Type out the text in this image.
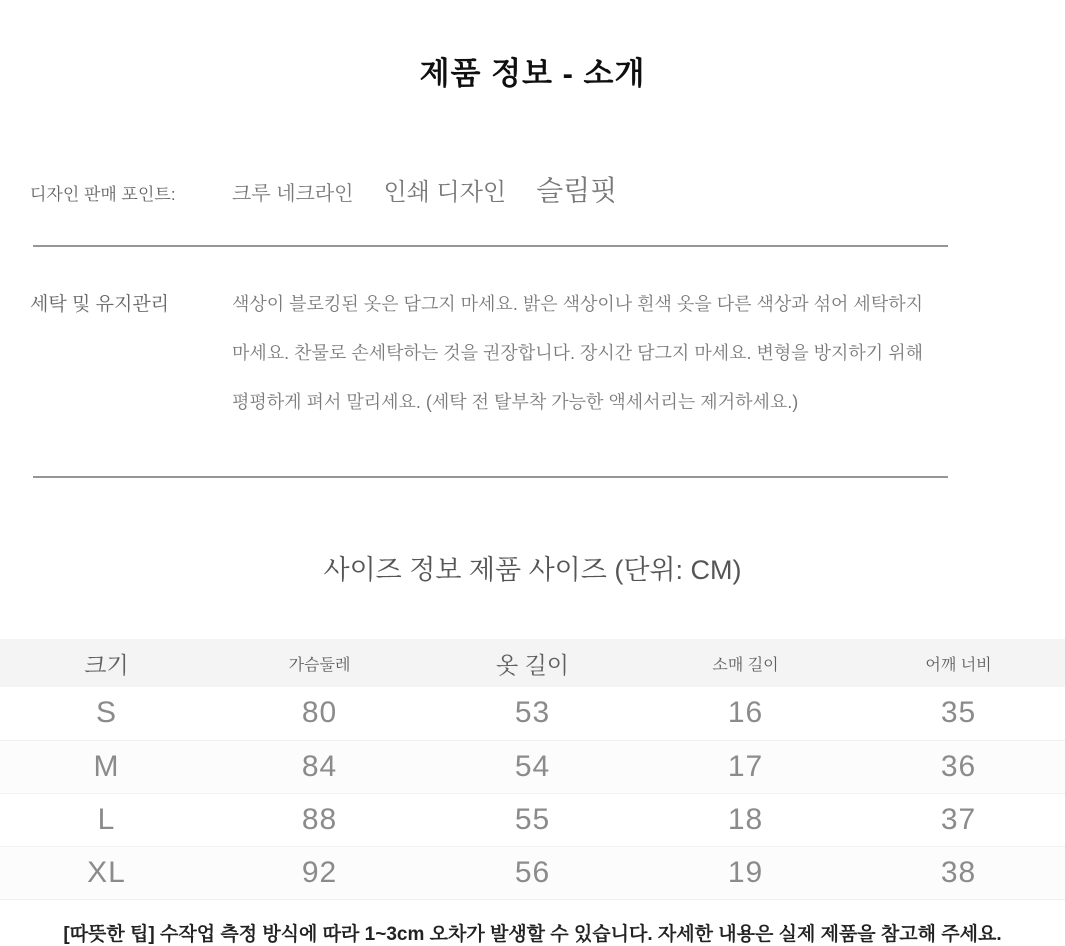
제품 정보 - 소개
디자인 판매 포인트:	크루 네크라인 인쇄 디자인 슬림핏
세탁 및 유지관리	색상이 블로킹된 옷은 담그지 마세요. 밝은 색상이나 흰색 옷을 다른 색상과 섞어 세탁하지 마세요. 찬물로 손세탁하는 것을 권장합니다. 장시간 담그지 마세요. 변형을 방지하기 위해 평평하게 펴서 말리세요. (세탁 전 탈부착 가능한 액세서리는 제거하세요.)
사이즈 정보 제품 사이즈 (단위: CM)
크기	가슴둘레	옷 길이	소매 길이	어깨 너비
S	80	53	16	35
M	84	54	17	36
L	88	55	18	37
XL	92	56	19	38
[따뜻한 팁] 수작업 측정 방식에 따라 1~3cm 오차가 발생할 수 있습니다. 자세한 내용은 실제 제품을 참고해 주세요.
